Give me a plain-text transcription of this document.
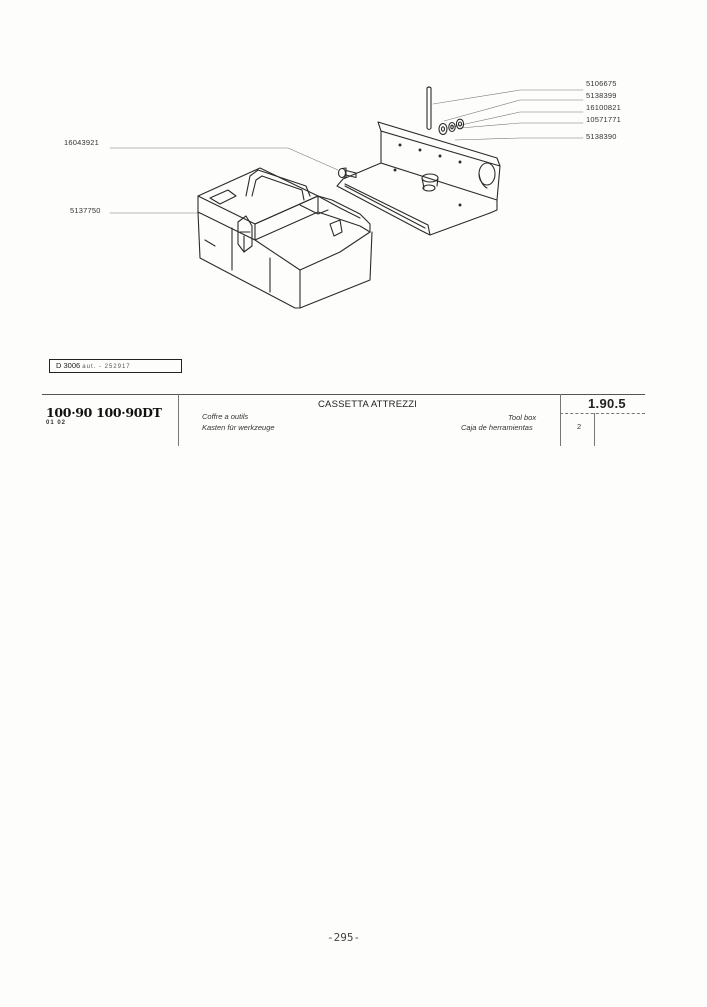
5106675
5138399
16100821
10571771
5138390
16043921
5137750
D 3006 aut. - 252917
100·90 100·90DT
01 02
CASSETTA ATTREZZI
Coffre a outils
Kasten für werkzeuge
Tool box
Caja de herramientas
1.90.5
2
-295-
